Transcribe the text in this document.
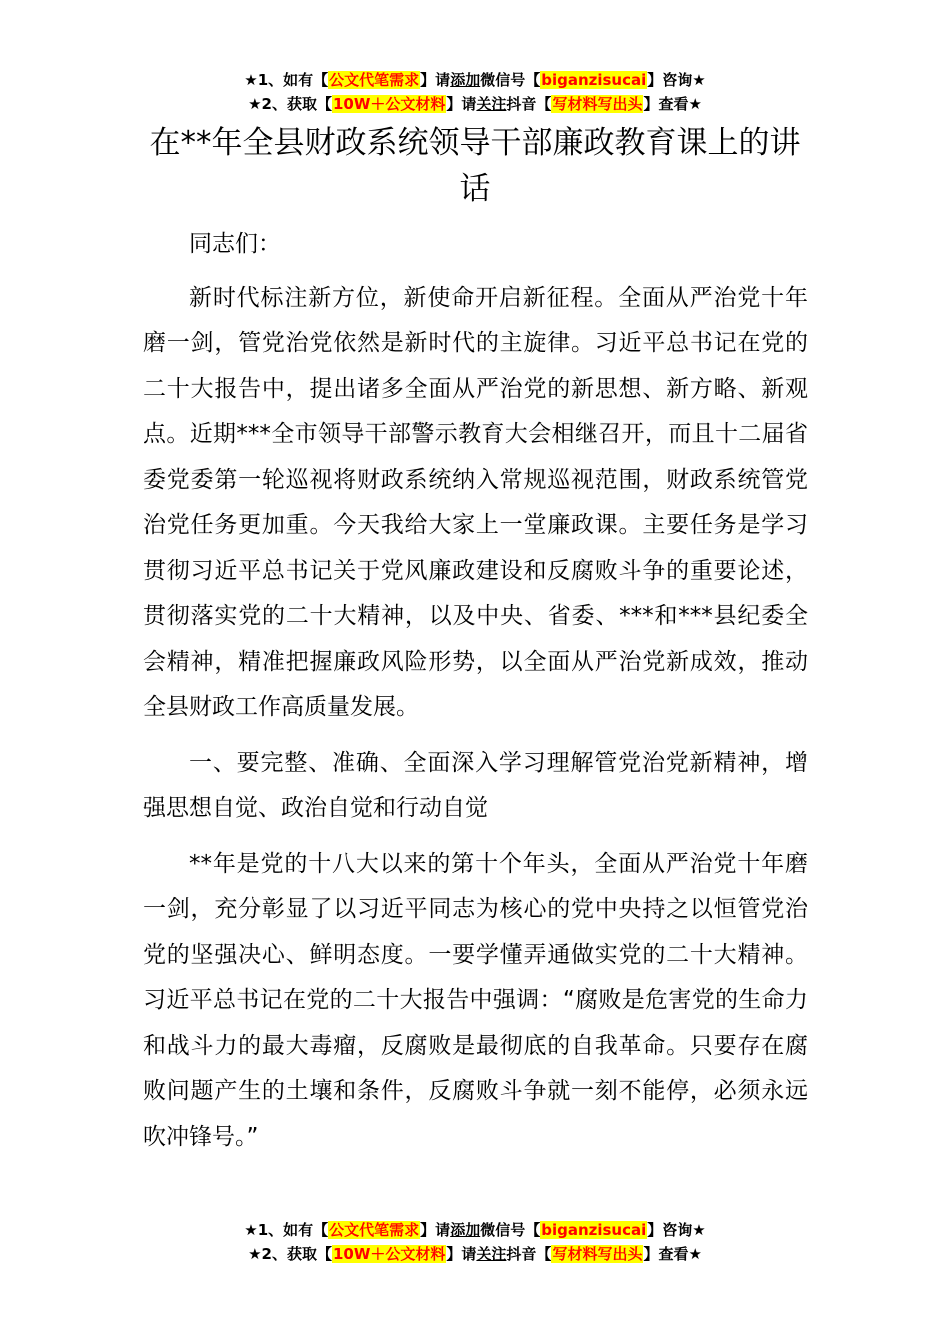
★1、如有【公文代笔需求】请添加微信号【biganzisucai】咨询★
★2、获取【10W＋公文材料】请关注抖音【写材料写出头】查看★
在**年全县财政系统领导干部廉政教育课上的讲话

同志们：

新时代标注新方位，新使命开启新征程。全面从严治党十年磨一剑，管党治党依然是新时代的主旋律。习近平总书记在党的二十大报告中，提出诸多全面从严治党的新思想、新方略、新观点。近期***全市领导干部警示教育大会相继召开，而且十二届省委党委第一轮巡视将财政系统纳入常规巡视范围，财政系统管党治党任务更加重。今天我给大家上一堂廉政课。主要任务是学习贯彻习近平总书记关于党风廉政建设和反腐败斗争的重要论述，贯彻落实党的二十大精神，以及中央、省委、***和***县纪委全会精神，精准把握廉政风险形势，以全面从严治党新成效，推动全县财政工作高质量发展。

一、要完整、准确、全面深入学习理解管党治党新精神，增强思想自觉、政治自觉和行动自觉

**年是党的十八大以来的第十个年头，全面从严治党十年磨一剑，充分彰显了以习近平同志为核心的党中央持之以恒管党治党的坚强决心、鲜明态度。一要学懂弄通做实党的二十大精神。习近平总书记在党的二十大报告中强调：“腐败是危害党的生命力和战斗力的最大毒瘤，反腐败是最彻底的自我革命。只要存在腐败问题产生的土壤和条件，反腐败斗争就一刻不能停，必须永远吹冲锋号。”

★1、如有【公文代笔需求】请添加微信号【biganzisucai】咨询★
★2、获取【10W＋公文材料】请关注抖音【写材料写出头】查看★
